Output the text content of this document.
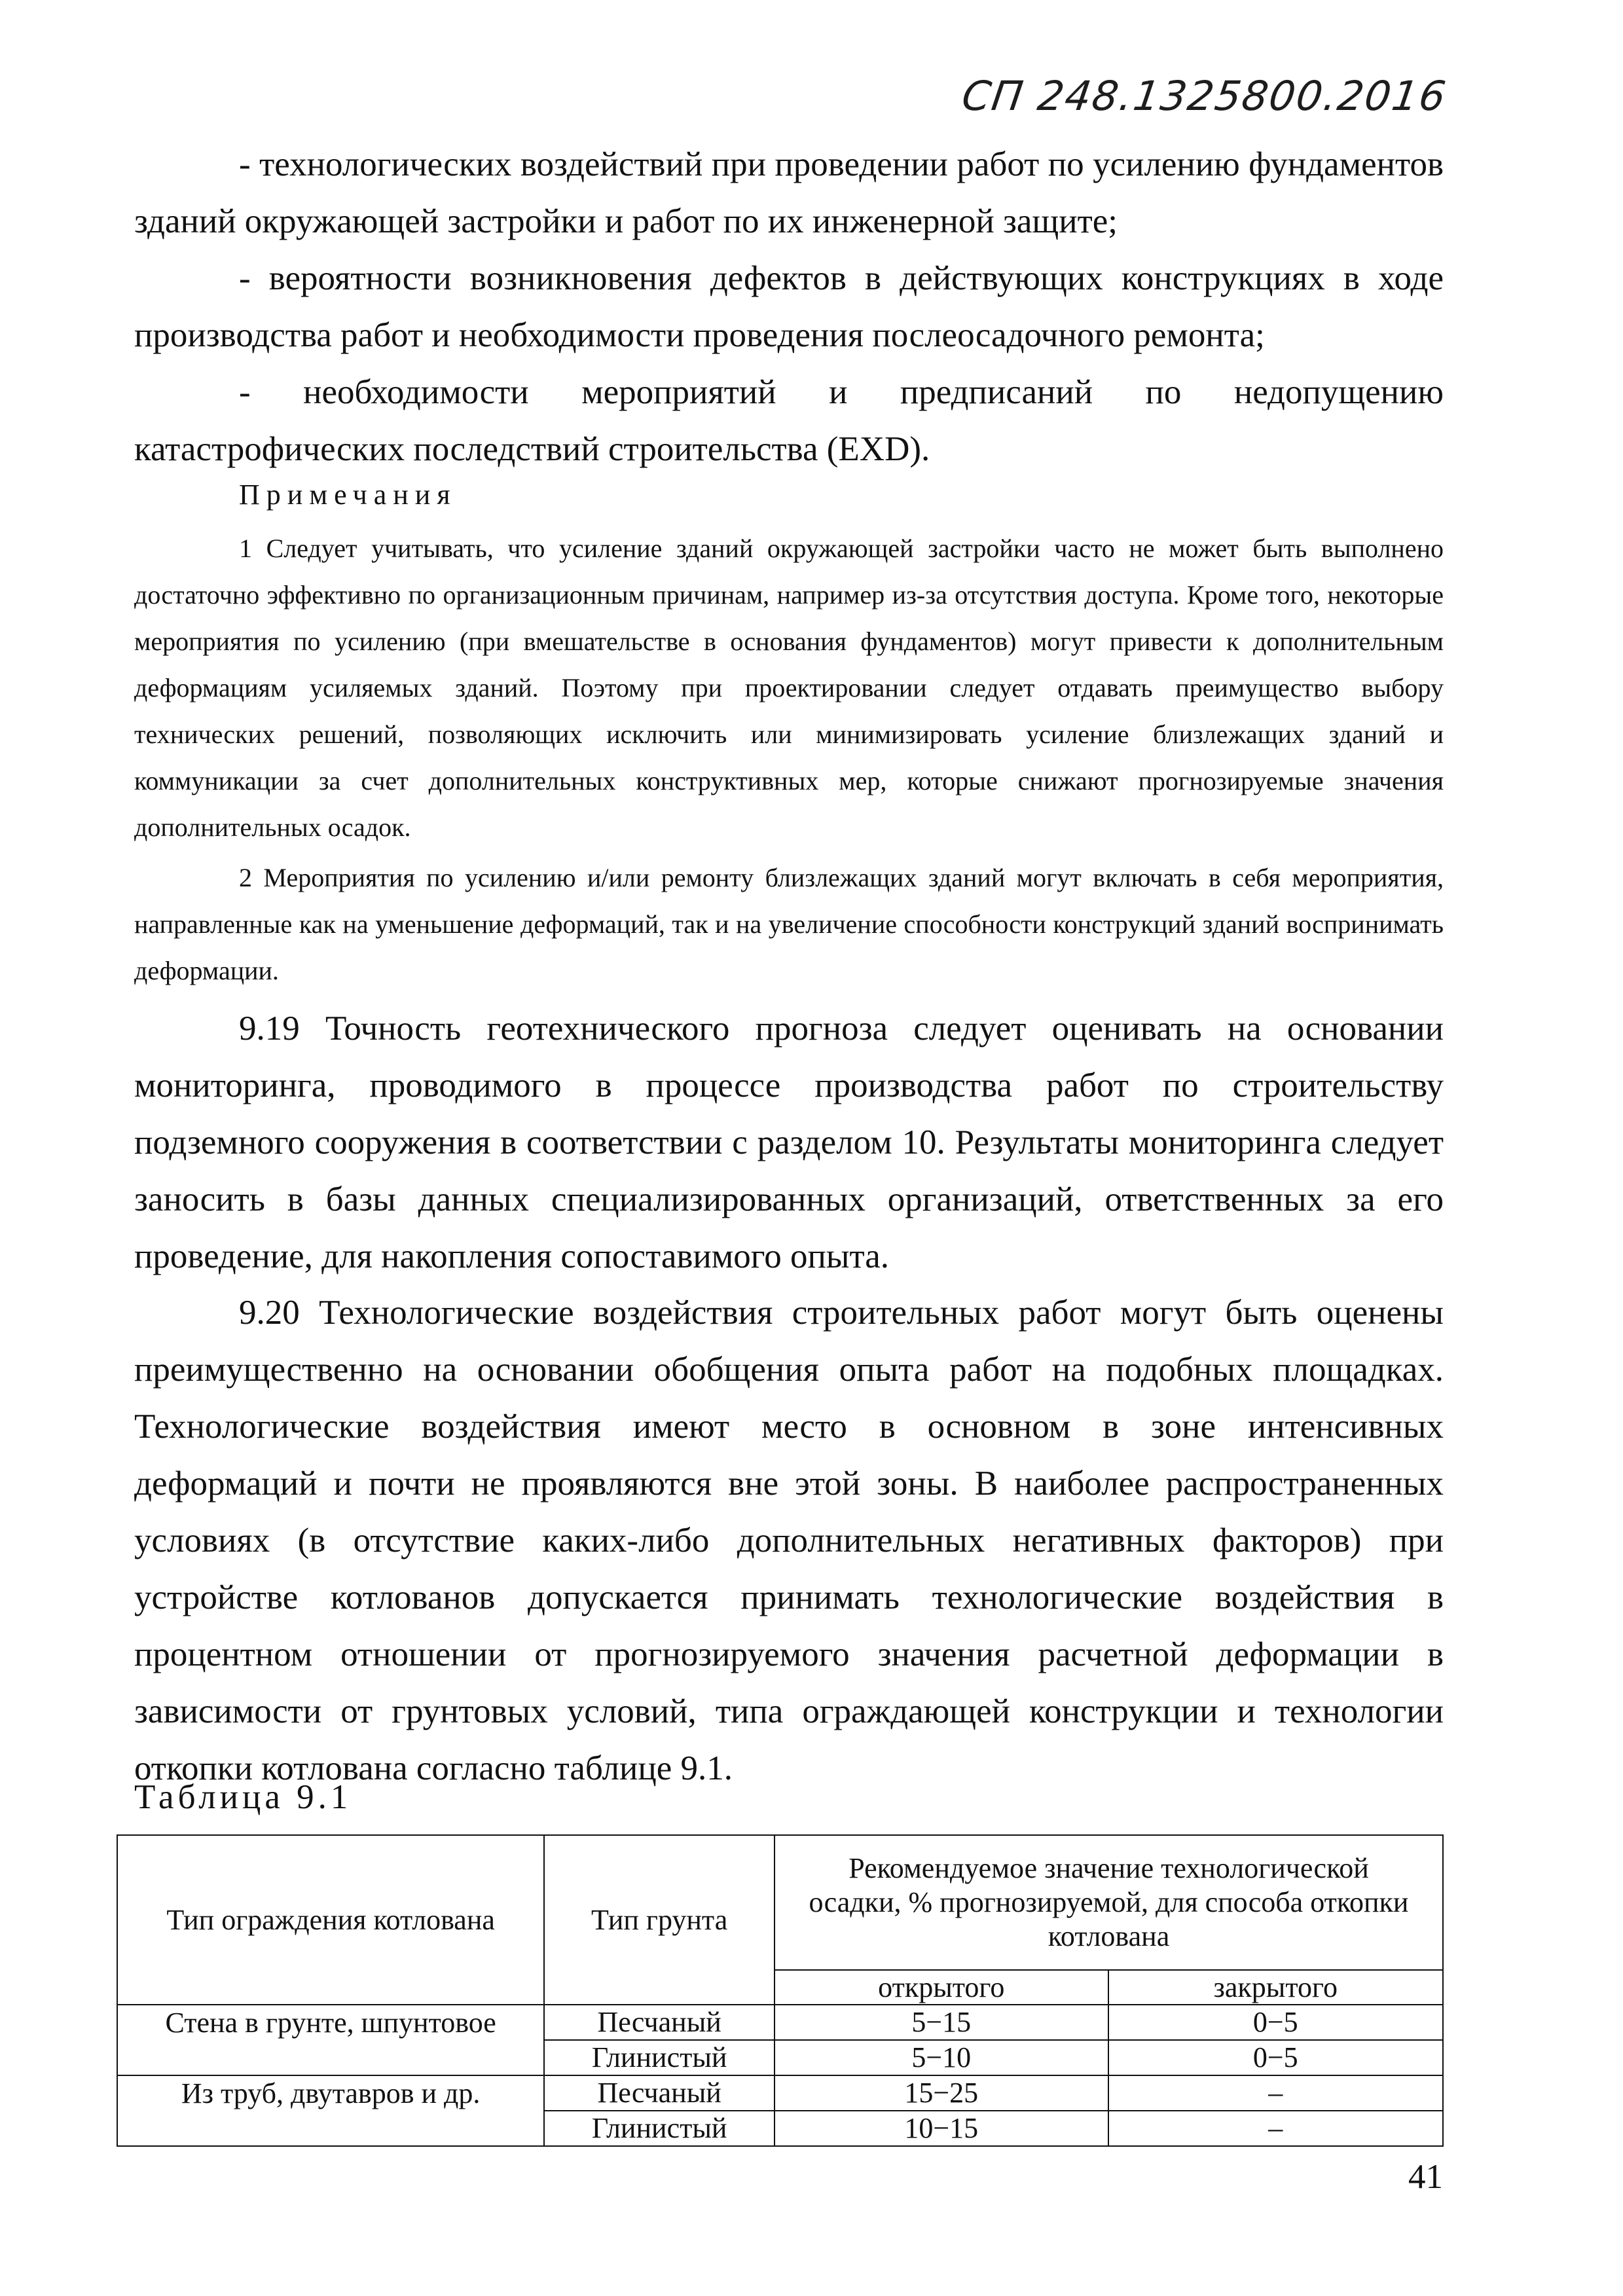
СП 248.1325800.2016
- технологических воздействий при проведении работ по усилению фундаментов зданий окружающей застройки и работ по их инженерной защите;
- вероятности возникновения дефектов в действующих конструкциях в ходе производства работ и необходимости проведения послеосадочного ремонта;
- необходимости мероприятий и предписаний по недопущению катастрофических последствий строительства (EXD).
Примечания
1 Следует учитывать, что усиление зданий окружающей застройки часто не может быть выполнено достаточно эффективно по организационным причинам, например из-за отсутствия доступа. Кроме того, некоторые мероприятия по усилению (при вмешательстве в основания фундаментов) могут привести к дополнительным деформациям усиляемых зданий. Поэтому при проектировании следует отдавать преимущество выбору технических решений, позволяющих исключить или минимизировать усиление близлежащих зданий и коммуникации за счет дополнительных конструктивных мер, которые снижают прогнозируемые значения дополнительных осадок.
2 Мероприятия по усилению и/или ремонту близлежащих зданий могут включать в себя мероприятия, направленные как на уменьшение деформаций, так и на увеличение способности конструкций зданий воспринимать деформации.
9.19 Точность геотехнического прогноза следует оценивать на основании мониторинга, проводимого в процессе производства работ по строительству подземного сооружения в соответствии с разделом 10. Результаты мониторинга следует заносить в базы данных специализированных организаций, ответственных за его проведение, для накопления сопоставимого опыта.
9.20 Технологические воздействия строительных работ могут быть оценены преимущественно на основании обобщения опыта работ на подобных площадках. Технологические воздействия имеют место в основном в зоне интенсивных деформаций и почти не проявляются вне этой зоны. В наиболее распространенных условиях (в отсутствие каких-либо дополнительных негативных факторов) при устройстве котлованов допускается принимать технологические воздействия в процентном отношении от прогнозируемого значения расчетной деформации в зависимости от грунтовых условий, типа ограждающей конструкции и технологии откопки котлована согласно таблице 9.1.
Таблица 9.1
Тип ограждения котлована	Тип грунта	Рекомендуемое значение технологической осадки, % прогнозируемой, для способа откопки котлована	
		открытого	закрытого
Стена в грунте, шпунтовое	Песчаный	5−15	0−5
	Глинистый	5−10	0−5
Из труб, двутавров и др.	Песчаный	15−25	–
	Глинистый	10−15	–
41
